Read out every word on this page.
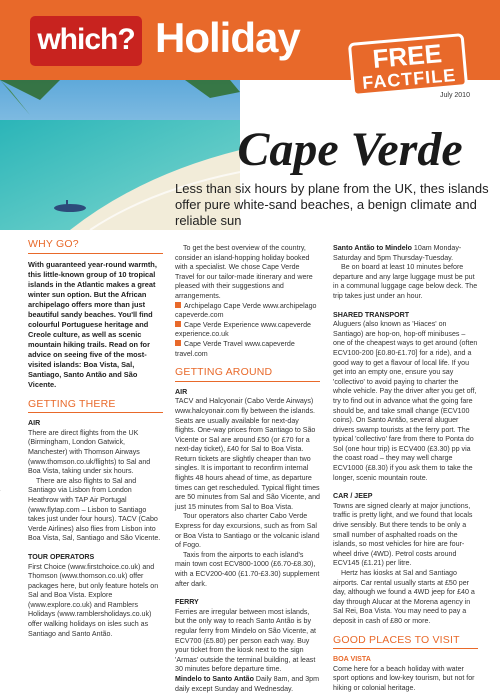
which? Holiday	FREE
FACTFILE
July 2010
Cape Verde
Less than six hours by plane from the UK, thes islands offer pure white-sand beaches, a benign climate and reliable sun
WHY GO?

With guaranteed year-round warmth, this little-known group of 10 tropical islands in the Atlantic makes a great winter sun option. But the African archipelago offers more than just beautiful sandy beaches. You'll find colourful Portuguese heritage and Creole culture, as well as scenic mountain hiking trails. Read on for advice on seeing five of the most-visited islands: Boa Vista, Sal, Santiago, Santo Antão and São Vicente.

GETTING THERE

AIR

There are direct flights from the UK (Birmingham, London Gatwick, Manchester) with Thomson Airways (www.thomson.co.uk/flights) to Sal and Boa Vista, taking under six hours.

There are also flights to Sal and Santiago via Lisbon from London Heathrow with TAP Air Portugal (www.flytap.com – Lisbon to Santiago takes just under four hours). TACV (Cabo Verde Airlines) also flies from Lisbon into Boa Vista, Sal, Santiago and São Vicente.

TOUR OPERATORS

First Choice (www.firstchoice.co.uk) and Thomson (www.thomson.co.uk) offer packages here, but only feature hotels on Sal and Boa Vista. Explore (www.explore.co.uk) and Ramblers Holidays (www.ramblersholidays.co.uk) offer walking holidays on isles such as Santiago and Santo Antão.

To get the best overview of the country, consider an island-hopping holiday booked with a specialist. We chose Cape Verde Travel for our tailor-made itinerary and were pleased with their suggestions and arrangements.

Archipelago Cape Verde www.archipelago capeverde.com

Cape Verde Experience www.capeverde experience.co.uk

Cape Verde Travel www.capeverde travel.com

GETTING AROUND

AIR

TACV and Halcyonair (Cabo Verde Airways) www.halcyonair.com fly between the islands. Seats are usually available for next-day flights. One-way prices from Santiago to São Vicente or Sal are around £50 (or £70 for a next-day ticket), £40 for Sal to Boa Vista. Return tickets are slightly cheaper than two singles. It is important to reconfirm internal flights 48 hours ahead of time, as departure times can get rescheduled. Typical flight times are 50 minutes from Sal and São Vicente, and just 15 minutes from Sal to Boa Vista.

Tour operators also charter Cabo Verde Express for day excursions, such as from Sal or Boa Vista to Santiago or the volcanic island of Fogo.

Taxis from the airports to each island's main town cost ECV800-1000 (£6.70-£8.30), with a ECV200-400 (£1.70-£3.30) supplement after dark.

FERRY

Ferries are irregular between most islands, but the only way to reach Santo Antão is by regular ferry from Mindelo on São Vicente, at ECV700 (£5.80) per person each way. Buy your ticket from the kiosk next to the sign 'Armas' outside the terminal building, at least 30 minutes before departure time.

Mindelo to Santo Antão Daily 8am, and 3pm daily except Sunday and Wednesday.

Santo Antão to Mindelo 10am Monday-Saturday and 5pm Thursday-Tuesday.

Be on board at least 10 minutes before departure and any large luggage must be put in a communal luggage cage below deck. The trip takes just under an hour.

SHARED TRANSPORT

Aluguers (also known as 'Hiaces' on Santiago) are hop-on, hop-off minibuses – one of the cheapest ways to get around (often ECV100-200 [£0.80-£1.70] for a ride), and a good way to get a flavour of local life. If you get into an empty one, ensure you say 'collectivo' to avoid paying to charter the whole vehicle. Pay the driver after you get off, try to find out in advance what the going fare should be, and take small change (ECV100 coins). On Santo Antão, several aluguer drivers swamp tourists at the ferry port. The typical 'collectivo' fare from there to Ponta do Sol (one hour trip) is ECV400 (£3.30) pp via the coast road – they may well charge ECV1000 (£8.30) if you ask them to take the longer, scenic mountain route.

CAR / JEEP

Towns are signed clearly at major junctions, traffic is pretty light, and we found that locals drive sensibly. But there tends to be only a small number of asphalted roads on the islands, so most vehicles for hire are four-wheel drive (4WD). Petrol costs around ECV145 (£1.21) per litre.

Hertz has kiosks at Sal and Santiago airports. Car rental usually starts at £50 per day, although we found a 4WD jeep for £40 a day through Alucar at the Morena agency in Sal Rei, Boa Vista. You may need to pay a deposit in cash of £80 or more.

GOOD PLACES TO VISIT

BOA VISTA

Come here for a beach holiday with water sport options and low-key tourism, but not for hiking or colonial heritage.
